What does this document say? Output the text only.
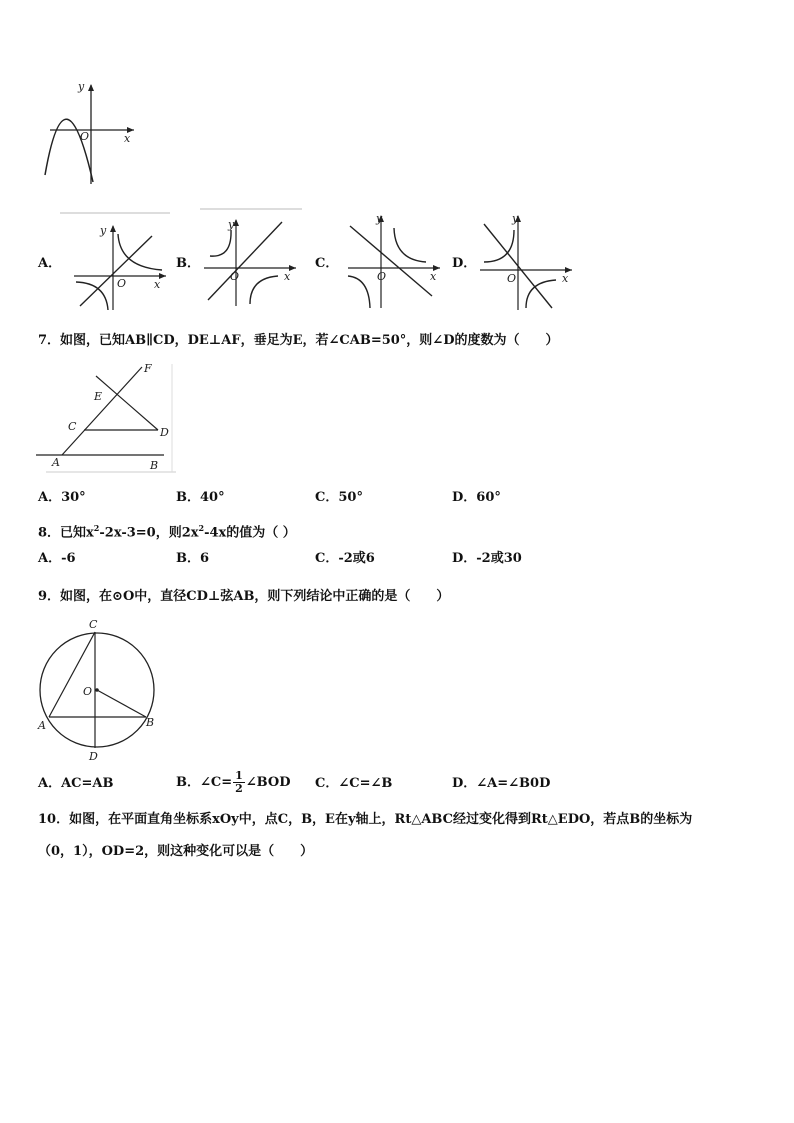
y
O	x
A．
y
O	x
B．
y
O	x
C．
y
O	x
D．
y
O	x
7．如图，已知AB∥CD，DE⊥AF，垂足为E，若∠CAB=50°，则∠D的度数为（　　）
F
E
C	D
A	B
A．30°	B．40°	C．50°	D．60°
8．已知$x^2-2x-3=0$，则$2x^2-4x$的值为（ ）
A．-6	B．6	C．-2或6	D．-2或30
9．如图，在⊙O中，直径CD⊥弦AB，则下列结论中正确的是（　　）
C
O
A	B
D
A．AC=AB	B．∠C= $\frac{1}{2}$ ∠BOD C．∠C=∠B	D．∠A=∠B0D
10．如图，在平面直角坐标系xOy中，点C，B，E在y轴上，Rt△ABC经过变化得到Rt△EDO，若点B的坐标为
（0，1），OD=2，则这种变化可以是（　　）
